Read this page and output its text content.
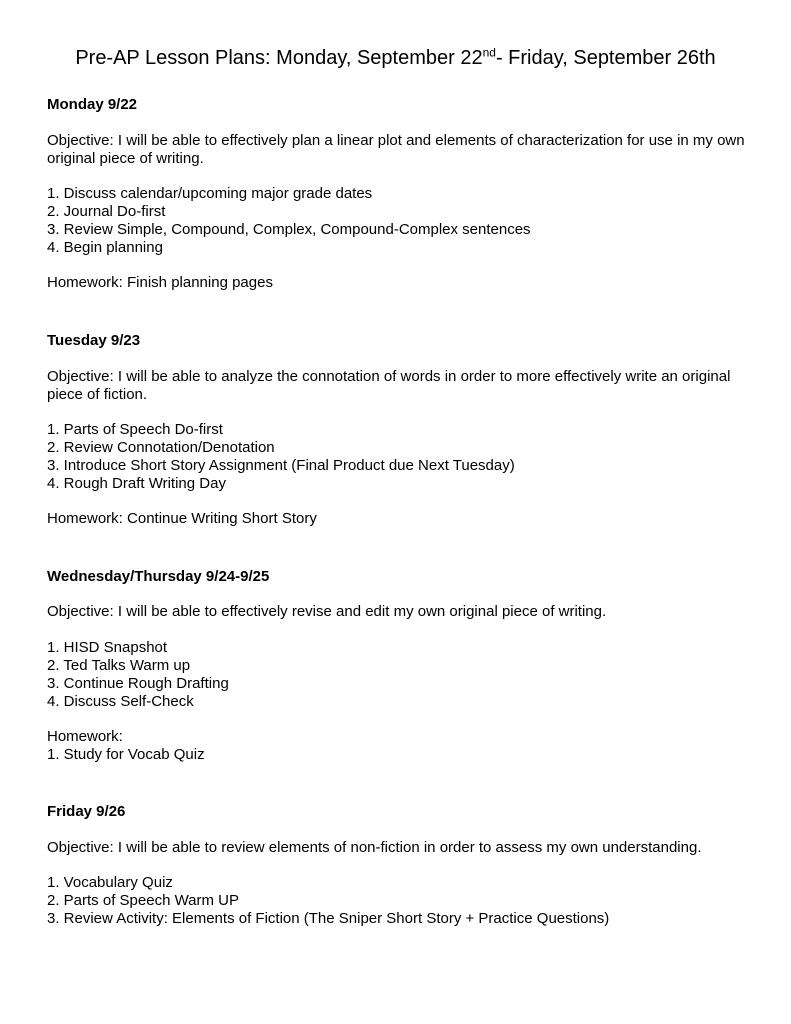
Pre-AP Lesson Plans: Monday, September 22nd- Friday, September 26th
Monday 9/22
Objective: I will be able to effectively plan a linear plot and elements of characterization for use in my own original piece of writing.
1. Discuss calendar/upcoming major grade dates
2. Journal Do-first
3. Review Simple, Compound, Complex, Compound-Complex sentences
4. Begin planning
Homework: Finish planning pages
Tuesday 9/23
Objective: I will be able to analyze the connotation of words in order to more effectively write an original piece of fiction.
1. Parts of Speech Do-first
2. Review Connotation/Denotation
3. Introduce Short Story Assignment (Final Product due Next Tuesday)
4. Rough Draft Writing Day
Homework: Continue Writing Short Story
Wednesday/Thursday 9/24-9/25
Objective: I will be able to effectively revise and edit my own original piece of writing.
1. HISD Snapshot
2. Ted Talks Warm up
3. Continue Rough Drafting
4. Discuss Self-Check
Homework:
1. Study for Vocab Quiz
Friday 9/26
Objective: I will be able to review elements of non-fiction in order to assess my own understanding.
1. Vocabulary Quiz
2. Parts of Speech Warm UP
3. Review Activity: Elements of Fiction (The Sniper Short Story + Practice Questions)
